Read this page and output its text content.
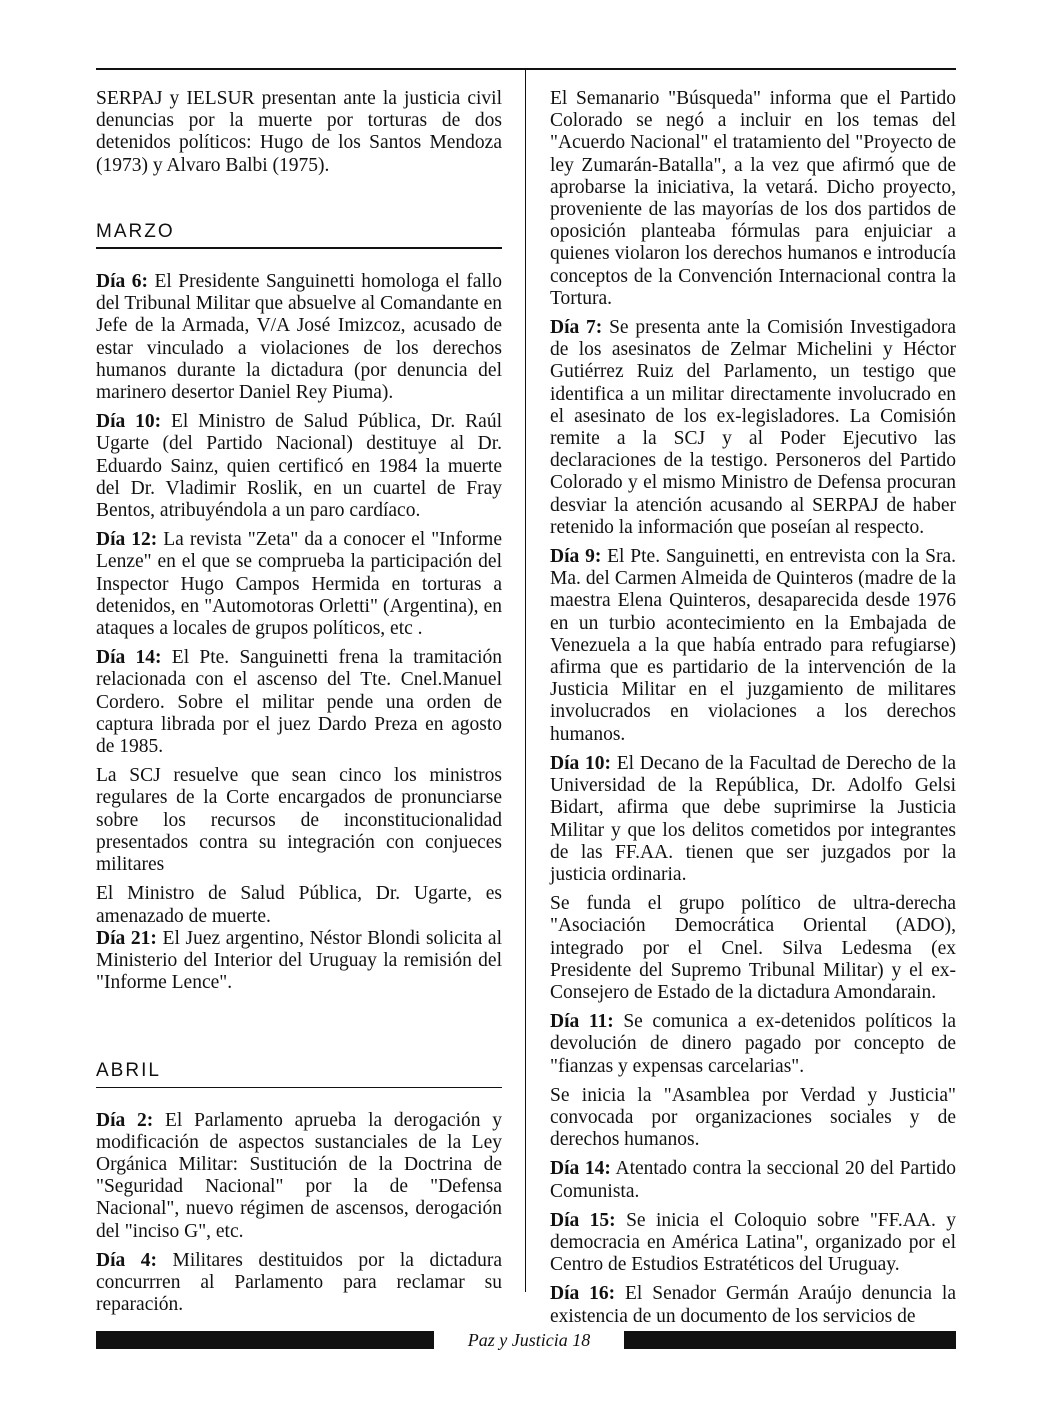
SERPAJ y IELSUR presentan ante la justicia civil denuncias por la muerte por torturas de dos detenidos políticos: Hugo de los Santos Mendoza (1973) y Alvaro Balbi (1975).

MARZO

Día 6: El Presidente Sanguinetti homologa el fallo del Tribunal Militar que absuelve al Comandante en Jefe de la Armada, V/A José Imizcoz, acusado de estar vinculado a violaciones de los derechos humanos durante la dictadura (por denuncia del marinero desertor Daniel Rey Piuma).

Día 10: El Ministro de Salud Pública, Dr. Raúl Ugarte (del Partido Nacional) destituye al Dr. Eduardo Sainz, quien certificó en 1984 la muerte del Dr. Vladimir Roslik, en un cuartel de Fray Bentos, atribuyéndola a un paro cardíaco.

Día 12: La revista "Zeta" da a conocer el "Informe Lenze" en el que se comprueba la participación del Inspector Hugo Campos Hermida en torturas a detenidos, en "Automotoras Orletti" (Argentina), en ataques a locales de grupos políticos, etc .

Día 14: El Pte. Sanguinetti frena la tramitación relacionada con el ascenso del Tte. Cnel.Manuel Cordero. Sobre el militar pende una orden de captura librada por el juez Dardo Preza en agosto de 1985.

La SCJ resuelve que sean cinco los ministros regulares de la Corte encargados de pronunciarse sobre los recursos de inconstitucionalidad presentados contra su integración con conjueces militares

El Ministro de Salud Pública, Dr. Ugarte, es amenazado de muerte.

Día 21: El Juez argentino, Néstor Blondi solicita al Ministerio del Interior del Uruguay la remisión del "Informe Lence".

ABRIL

Día 2: El Parlamento aprueba la derogación y modificación de aspectos sustanciales de la Ley Orgánica Militar: Sustitución de la Doctrina de "Seguridad Nacional" por la de "Defensa Nacional", nuevo régimen de ascensos, derogación del "inciso G", etc.

Día 4: Militares destituidos por la dictadura concurrren al Parlamento para reclamar su reparación.

El Semanario "Búsqueda" informa que el Partido Colorado se negó a incluir en los temas del "Acuerdo Nacional" el tratamiento del "Proyecto de ley Zumarán-Batalla", a la vez que afirmó que de aprobarse la iniciativa, la vetará. Dicho proyecto, proveniente de las mayorías de los dos partidos de oposición planteaba fórmulas para enjuiciar a quienes violaron los derechos humanos e introducía conceptos de la Convención Internacional contra la Tortura.

Día 7: Se presenta ante la Comisión Investigadora de los asesinatos de Zelmar Michelini y Héctor Gutiérrez Ruiz del Parlamento, un testigo que identifica a un militar directamente involucrado en el asesinato de los ex-legisladores. La Comisión remite a la SCJ y al Poder Ejecutivo las declaraciones de la testigo. Personeros del Partido Colorado y el mismo Ministro de Defensa procuran desviar la atención acusando al SERPAJ de haber retenido la información que poseían al respecto.

Día 9: El Pte. Sanguinetti, en entrevista con la Sra. Ma. del Carmen Almeida de Quinteros (madre de la maestra Elena Quinteros, desaparecida desde 1976 en un turbio acontecimiento en la Embajada de Venezuela a la que había entrado para refugiarse) afirma que es partidario de la intervención de la Justicia Militar en el juzgamiento de militares involucrados en violaciones a los derechos humanos.

Día 10: El Decano de la Facultad de Derecho de la Universidad de la República, Dr. Adolfo Gelsi Bidart, afirma que debe suprimirse la Justicia Militar y que los delitos cometidos por integrantes de las FF.AA. tienen que ser juzgados por la justicia ordinaria.

Se funda el grupo político de ultra-derecha "Asociación Democrática Oriental (ADO), integrado por el Cnel. Silva Ledesma (ex Presidente del Supremo Tribunal Militar) y el ex-Consejero de Estado de la dictadura Amondarain.

Día 11: Se comunica a ex-detenidos políticos la devolución de dinero pagado por concepto de "fianzas y expensas carcelarias".

Se inicia la "Asamblea por Verdad y Justicia" convocada por organizaciones sociales y de derechos humanos.

Día 14: Atentado contra la seccional 20 del Partido Comunista.

Día 15: Se inicia el Coloquio sobre "FF.AA. y democracia en América Latina", organizado por el Centro de Estudios Estratéticos del Uruguay.

Día 16: El Senador Germán Araújo denuncia la existencia de un documento de los servicios de

Paz y Justicia 18
